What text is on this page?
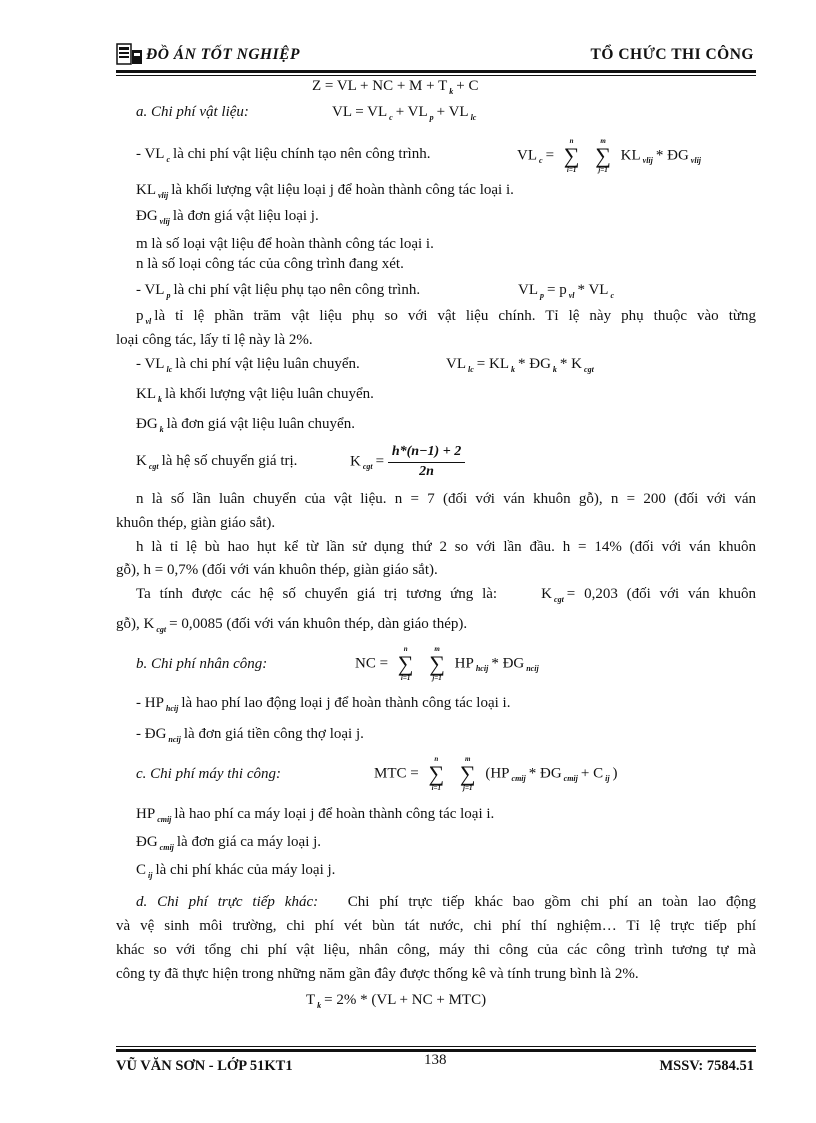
ĐỒ ÁN TỐT NGHIỆP	TỔ CHỨC THI CÔNG
Z = VL + NC + M + T $_k$ + C
a. Chi phí vật liệu:	VL = VL $_c$ + VL $_p$ + VL $_{lc}$
- VL $_c$ là chi phí vật liệu chính tạo nên công trình.	VL $_c$ =
n
∑
i=1

m
∑
j=1
KL $_{vlij}$ * ĐG $_{vlij}$
KL $_{vlij}$ là khối lượng vật liệu loại j để hoàn thành công tác loại i.
ĐG $_{vlij}$ là đơn giá vật liệu loại j.
m là số loại vật liệu để hoàn thành công tác loại i.
n là số loại công tác của công trình đang xét.
- VL $_p$ là chi phí vật liệu phụ tạo nên công trình.	VL $_p$ = p $_{vl}$ * VL $_c$
p $_{vl}$ là tỉ lệ phần trăm vật liệu phụ so với vật liệu chính. Tỉ lệ này phụ thuộc vào từng
loại công tác, lấy tỉ lệ này là 2%.
- VL $_{lc}$ là chi phí vật liệu luân chuyển.	VL $_{lc}$ = KL $_k$ * ĐG $_k$ * K $_{cgt}$
KL $_k$ là khối lượng vật liệu luân chuyển.
ĐG $_k$ là đơn giá vật liệu luân chuyển.
K $_{cgt}$ là hệ số chuyển giá trị.	K $_{cgt} = \frac{h*(n-1) + 2}{2n}$
n là số lần luân chuyển của vật liệu. n = 7 (đối với ván khuôn gỗ), n = 200 (đối với ván
khuôn thép, giàn giáo sắt).
h là tỉ lệ bù hao hụt kể từ lần sử dụng thứ 2 so với lần đầu. h = 14% (đối với ván khuôn
gỗ), h = 0,7% (đối với ván khuôn thép, giàn giáo sắt).
Ta tính được các hệ số chuyển giá trị tương ứng là:	K $_{cgt}$ = 0,203 (đối với ván khuôn
gỗ), K $_{cgt}$ = 0,0085 (đối với ván khuôn thép, dàn giáo thép).
b. Chi phí nhân công:	NC =
n
∑
i=1

m
∑
j=1
HP $_{hcij}$ * ĐG $_{ncij}$
- HP $_{hcij}$ là hao phí lao động loại j để hoàn thành công tác loại i.
- ĐG $_{ncij}$ là đơn giá tiền công thợ loại j.
c. Chi phí máy thi công:	MTC =
n
∑
i=1

m
∑
j=1
(HP $_{cmij}$ * ĐG $_{cmij}$ + C $_{ij}$ )
HP $_{cmij}$ là hao phí ca máy loại j để hoàn thành công tác loại i.
ĐG $_{cmij}$ là đơn giá ca máy loại j.
C $_{ij}$ là chi phí khác của máy loại j.
d. Chi phí trực tiếp khác: Chi phí trực tiếp khác bao gồm chi phí an toàn lao động
và vệ sinh môi trường, chi phí vét bùn tát nước, chi phí thí nghiệm… Tỉ lệ trực tiếp phí
khác so với tổng chi phí vật liệu, nhân công, máy thi công của các công trình tương tự mà
công ty đã thực hiện trong những năm gần đây được thống kê và tính trung bình là 2%.
T $_k$ = 2% * (VL + NC + MTC)
VŨ VĂN SƠN - LỚP 51KT1	138	MSSV: 7584.51
